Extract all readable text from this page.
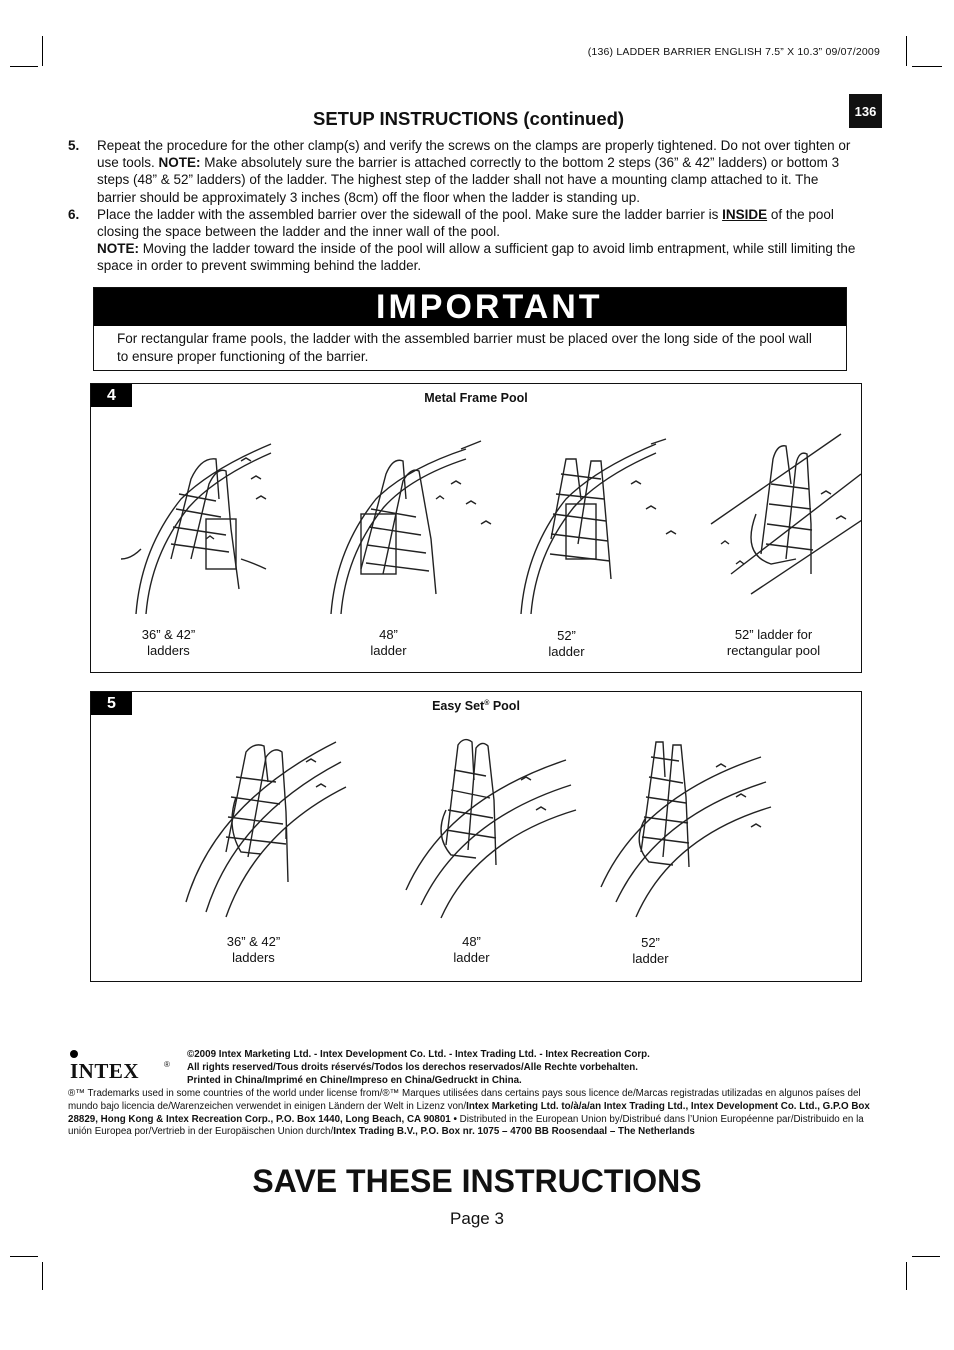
(136) LADDER BARRIER ENGLISH 7.5” X 10.3” 09/07/2009
136
SETUP INSTRUCTIONS (continued)
5.	Repeat the procedure for the other clamp(s) and verify the screws on the clamps are properly tightened. Do not over tighten or use tools. NOTE: Make absolutely sure the barrier is attached correctly to the bottom 2 steps (36” & 42” ladders) or bottom 3 steps (48” & 52” ladders) of the ladder. The highest step of the ladder shall not have a mounting clamp attached to it. The barrier should be approximately 3 inches (8cm) off the floor when the ladder is standing up.

6.	Place the ladder with the assembled barrier over the sidewall of the pool. Make sure the ladder barrier is INSIDE of the pool closing the space between the ladder and the inner wall of the pool.

NOTE: Moving the ladder toward the inside of the pool will allow a sufficient gap to avoid limb entrapment, while still limiting the space in order to prevent swimming behind the ladder.

IMPORTANT
For rectangular frame pools, the ladder with the assembled barrier must be placed over the long side of the pool wall to ensure proper functioning of the barrier.
4	Metal Frame Pool
36” & 42”
ladders
48”
ladder
52”
ladder
52” ladder for
rectangular pool
5	Easy Set® Pool
36” & 42”
ladders
48”
ladder
52”
ladder
INTEX	®
©2009 Intex Marketing Ltd. - Intex Development Co. Ltd. - Intex Trading Ltd. - Intex Recreation Corp.
All rights reserved/Tous droits réservés/Todos los derechos reservados/Alle Rechte vorbehalten.
Printed in China/Imprimé en Chine/Impreso en China/Gedruckt in China.
®™ Trademarks used in some countries of the world under license from/®™ Marques utilisées dans certains pays sous licence de/Marcas registradas utilizadas en algunos países del mundo bajo licencia de/Warenzeichen verwendet in einigen Ländern der Welt in Lizenz von/Intex Marketing Ltd. to/à/a/an Intex Trading Ltd., Intex Development Co. Ltd., G.P.O Box 28829, Hong Kong & Intex Recreation Corp., P.O. Box 1440, Long Beach, CA 90801 • Distributed in the European Union by/Distribué dans l’Union Européenne par/Distribuido en la unión Europea por/Vertrieb in der Europäischen Union durch/Intex Trading B.V., P.O. Box nr. 1075 – 4700 BB Roosendaal – The Netherlands
SAVE THESE INSTRUCTIONS
Page 3
